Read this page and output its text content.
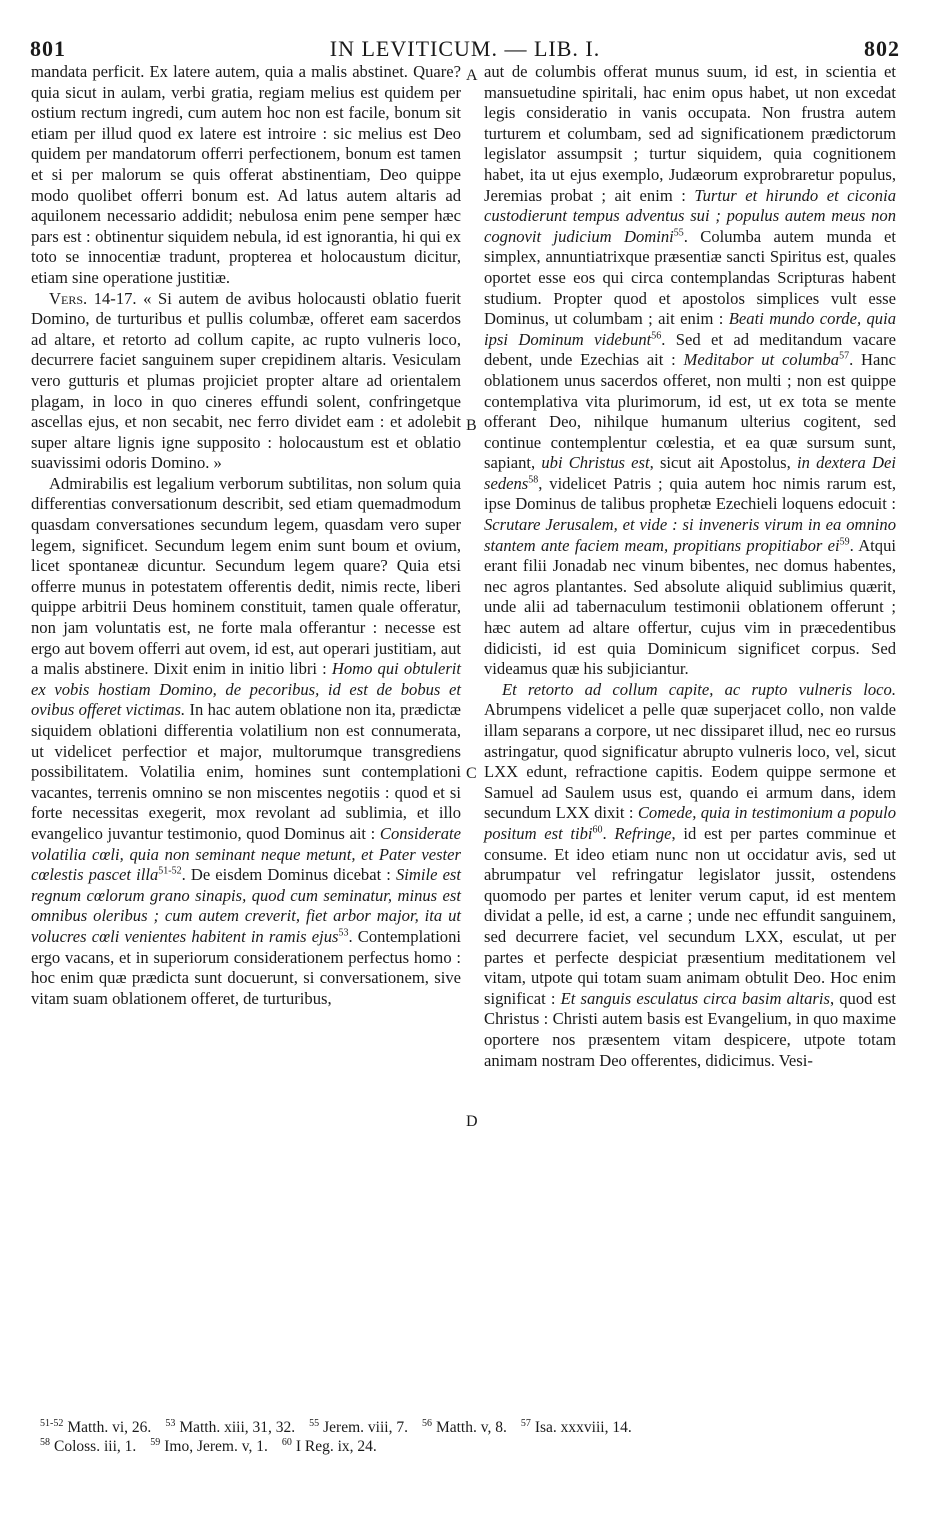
801	IN LEVITICUM. — LIB. I.	802

mandata perficit. Ex latere autem, quia a malis abstinet. Quare? quia sicut in aulam, verbi gratia, regiam melius est quidem per ostium rectum ingredi, cum autem hoc non est facile, bonum sit etiam per illud quod ex latere est introire : sic melius est Deo quidem per mandatorum offerri perfectionem, bonum est tamen et si per malorum se quis offerat abstinentiam, Deo quippe modo quolibet offerri bonum est. Ad latus autem altaris ad aquilonem necessario addidit; nebulosa enim pene semper hæc pars est : obtinentur siquidem nebula, id est ignorantia, hi qui ex toto se innocentiæ tradunt, propterea et holocaustum dicitur, etiam sine operatione justitiæ.

Vers. 14-17. « Si autem de avibus holocausti oblatio fuerit Domino, de turturibus et pullis columbæ, offeret eam sacerdos ad altare, et retorto ad collum capite, ac rupto vulneris loco, decurrere faciet sanguinem super crepidinem altaris. Vesiculam vero gutturis et plumas projiciet propter altare ad orientalem plagam, in loco in quo cineres effundi solent, confringetque ascellas ejus, et non secabit, nec ferro dividet eam : et adolebit super altare lignis igne supposito : holocaustum est et oblatio suavissimi odoris Domino. »

Admirabilis est legalium verborum subtilitas, non solum quia differentias conversationum describit, sed etiam quemadmodum quasdam conversationes secundum legem, quasdam vero super legem, significet. Secundum legem enim sunt boum et ovium, licet spontaneæ dicuntur. Secundum legem quare? Quia etsi offerre munus in potestatem offerentis dedit, nimis recte, liberi quippe arbitrii Deus hominem constituit, tamen quale offeratur, non jam voluntatis est, ne forte mala offerantur : necesse est ergo aut bovem offerri aut ovem, id est, aut operari justitiam, aut a malis abstinere. Dixit enim in initio libri : Homo qui obtulerit ex vobis hostiam Domino, de pecoribus, id est de bobus et ovibus offeret victimas. In hac autem oblatione non ita, prædictæ siquidem oblationi differentia volatilium non est connumerata, ut videlicet perfectior et major, multorumque transgrediens possibilitatem. Volatilia enim, homines sunt contemplationi vacantes, terrenis omnino se non miscentes negotiis : quod et si forte necessitas exegerit, mox revolant ad sublimia, et illo evangelico juvantur testimonio, quod Dominus ait : Considerate volatilia cœli, quia non seminant neque metunt, et Pater vester cœlestis pascet illa$^{51-52}$. De eisdem Dominus dicebat : Simile est regnum cœlorum grano sinapis, quod cum seminatur, minus est omnibus oleribus ; cum autem creverit, fiet arbor major, ita ut volucres cœli venientes habitent in ramis ejus$^{53}$. Contemplationi ergo vacans, et in superiorum considerationem perfectus homo : hoc enim quæ prædicta sunt docuerunt, si conversationem, sive vitam suam oblationem offeret, de turturibus,

aut de columbis offerat munus suum, id est, in scientia et mansuetudine spiritali, hac enim opus habet, ut non excedat legis consideratio in vanis occupata. Non frustra autem turturem et columbam, sed ad significationem prædictorum legislator assumpsit ; turtur siquidem, quia cognitionem habet, ita ut ejus exemplo, Judæorum exprobraretur populus, Jeremias probat ; ait enim : Turtur et hirundo et ciconia custodierunt tempus adventus sui ; populus autem meus non cognovit judicium Domini$^{55}$. Columba autem munda et simplex, annuntiatrixque præsentiæ sancti Spiritus est, quales oportet esse eos qui circa contemplandas Scripturas habent studium. Propter quod et apostolos simplices vult esse Dominus, ut columbam ; ait enim : Beati mundo corde, quia ipsi Dominum videbunt$^{56}$. Sed et ad meditandum vacare debent, unde Ezechias ait : Meditabor ut columba$^{57}$. Hanc oblationem unus sacerdos offeret, non multi ; non est quippe contemplativa vita plurimorum, id est, ut ex tota se mente offerant Deo, nihilque humanum ulterius cogitent, sed continue contemplentur cœlestia, et ea quæ sursum sunt, sapiant, ubi Christus est, sicut ait Apostolus, in dextera Dei sedens$^{58}$, videlicet Patris ; quia autem hoc nimis rarum est, ipse Dominus de talibus prophetæ Ezechieli loquens edocuit : Scrutare Jerusalem, et vide : si inveneris virum in ea omnino stantem ante faciem meam, propitians propitiabor ei$^{59}$. Atqui erant filii Jonadab nec vinum bibentes, nec domus habentes, nec agros plantantes. Sed absolute aliquid sublimius quærit, unde alii ad tabernaculum testimonii oblationem offerunt ; hæc autem ad altare offertur, cujus vim in præcedentibus didicisti, id est quia Dominicum significet corpus. Sed videamus quæ his subjiciantur.

Et retorto ad collum capite, ac rupto vulneris loco. Abrumpens videlicet a pelle quæ superjacet collo, non valde illam separans a corpore, ut nec dissiparet illud, nec eo rursus astringatur, quod significatur abrupto vulneris loco, vel, sicut LXX edunt, refractione capitis. Eodem quippe sermone et Samuel ad Saulem usus est, quando ei armum dans, idem secundum LXX dixit : Comede, quia in testimonium a populo positum est tibi$^{60}$. Refringe, id est per partes comminue et consume. Et ideo etiam nunc non ut occidatur avis, sed ut abrumpatur vel refringatur legislator jussit, ostendens quomodo per partes et leniter verum caput, id est mentem dividat a pelle, id est, a carne ; unde nec effundit sanguinem, sed decurrere faciet, vel secundum LXX, esculat, ut per partes et perfecte despiciat præsentium meditationem vel vitam, utpote qui totam suam animam obtulit Deo. Hoc enim significat : Et sanguis esculatus circa basim altaris, quod est Christus : Christi autem basis est Evangelium, in quo maxime oportere nos præsentem vitam despicere, utpote totam animam nostram Deo offerentes, didicimus. Vesi-

A
B
C
D
$^{51-52}$ Matth. vi, 26. $^{53}$ Matth. xiii, 31, 32. $^{55}$ Jerem. viii, 7. $^{56}$ Matth. v, 8. $^{57}$ Isa. xxxviii, 14.
$^{58}$ Coloss. iii, 1. $^{59}$ Imo, Jerem. v, 1. $^{60}$ I Reg. ix, 24.
